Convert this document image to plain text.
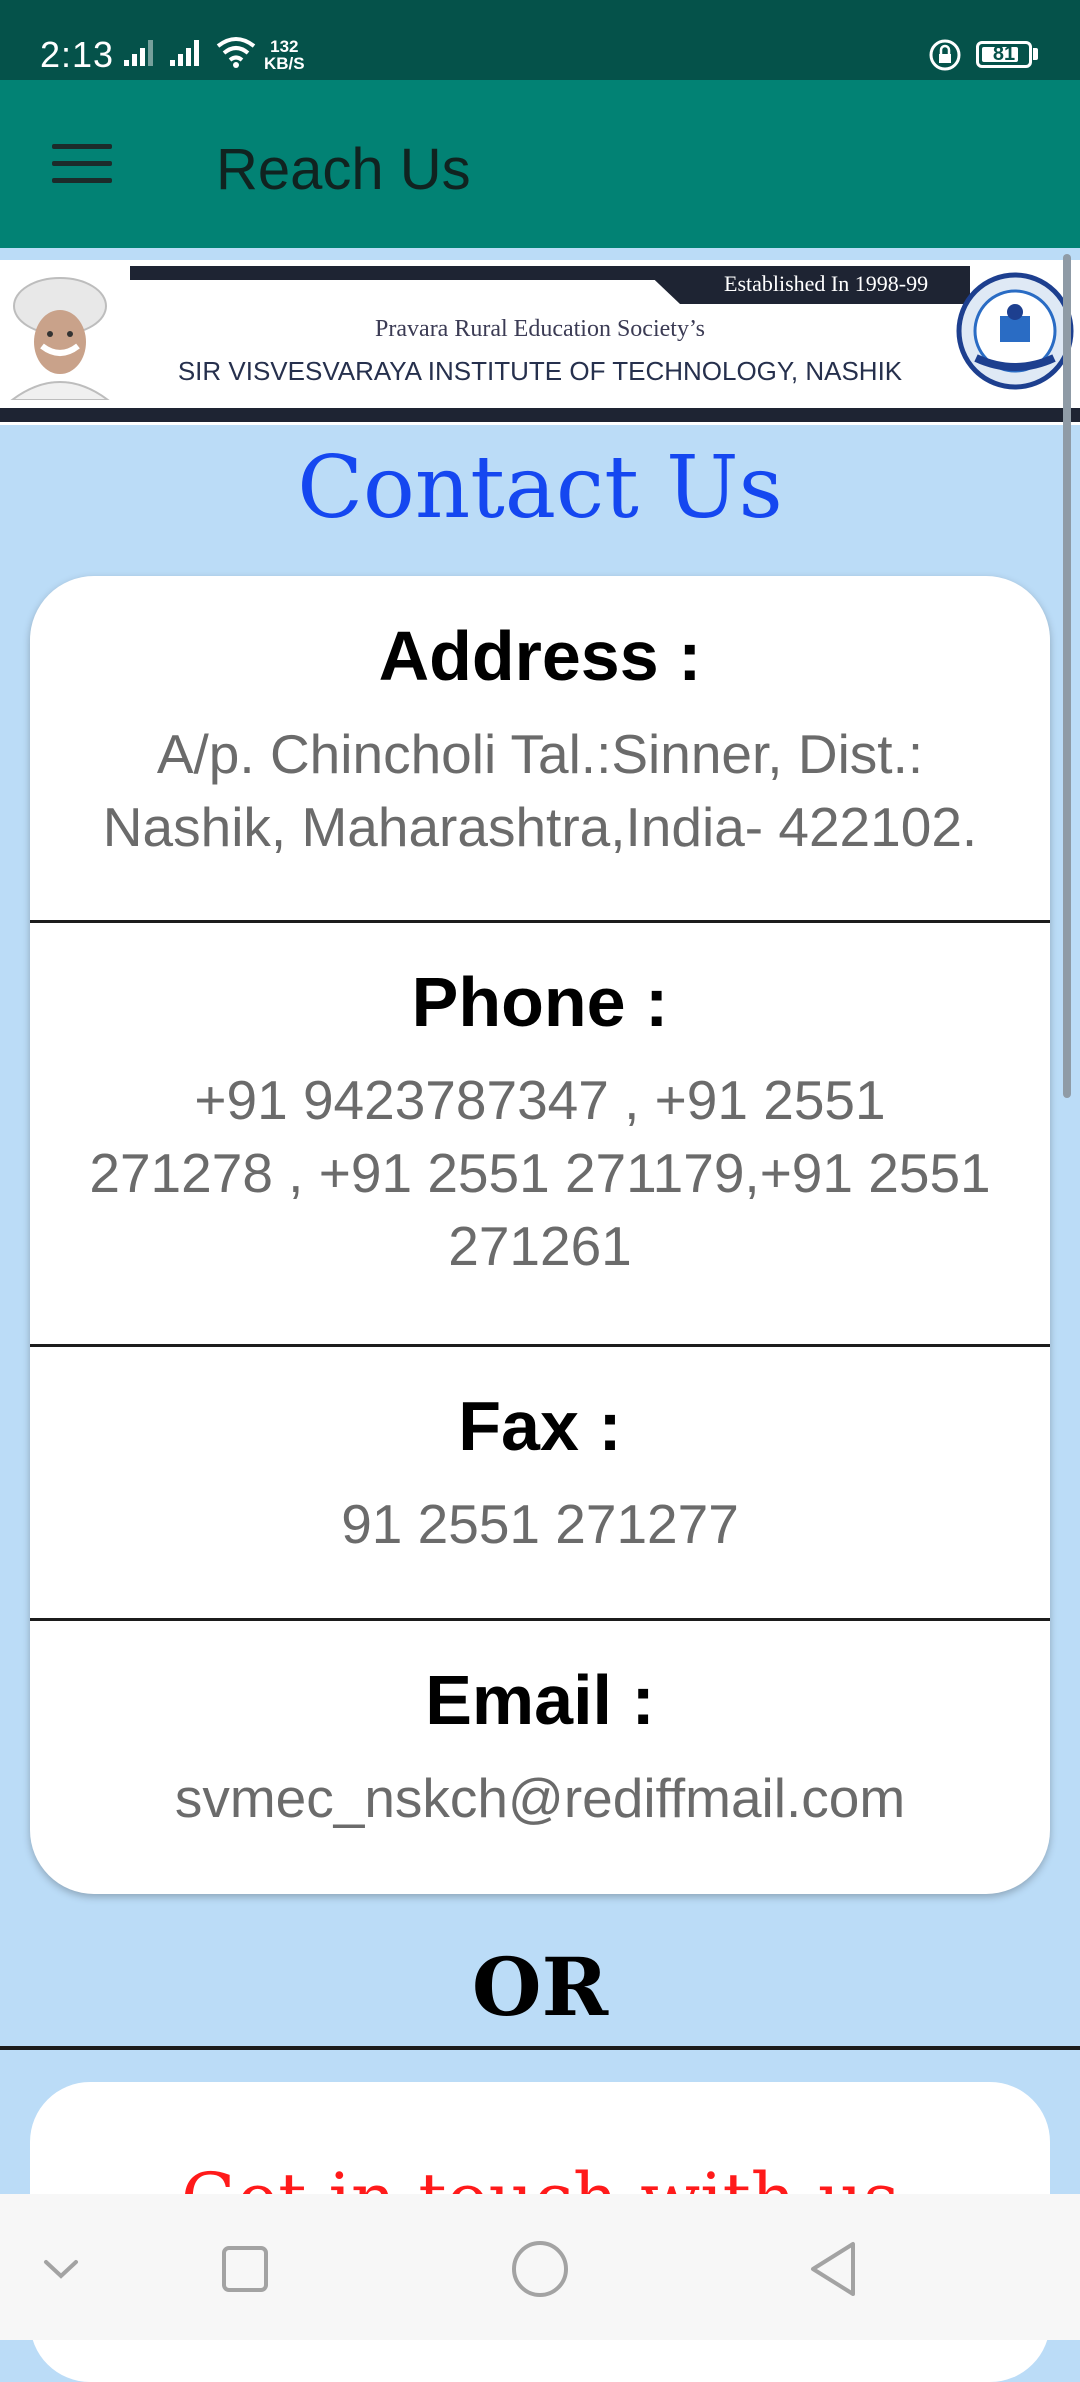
2:13	132
KB/S	81
Reach Us
Established In 1998-99
Pravara Rural Education Society’s
SIR VISVESVARAYA INSTITUTE OF TECHNOLOGY, NASHIK
Contact Us
Address :
A/p. Chincholi Tal.:Sinner, Dist.:
Nashik, Maharashtra,India- 422102.
Phone :
+91 9423787347 , +91 2551
271278 , +91 2551 271179,+91 2551
271261
Fax :
91 2551 271277
Email :
svmec_nskch@rediffmail.com
OR
